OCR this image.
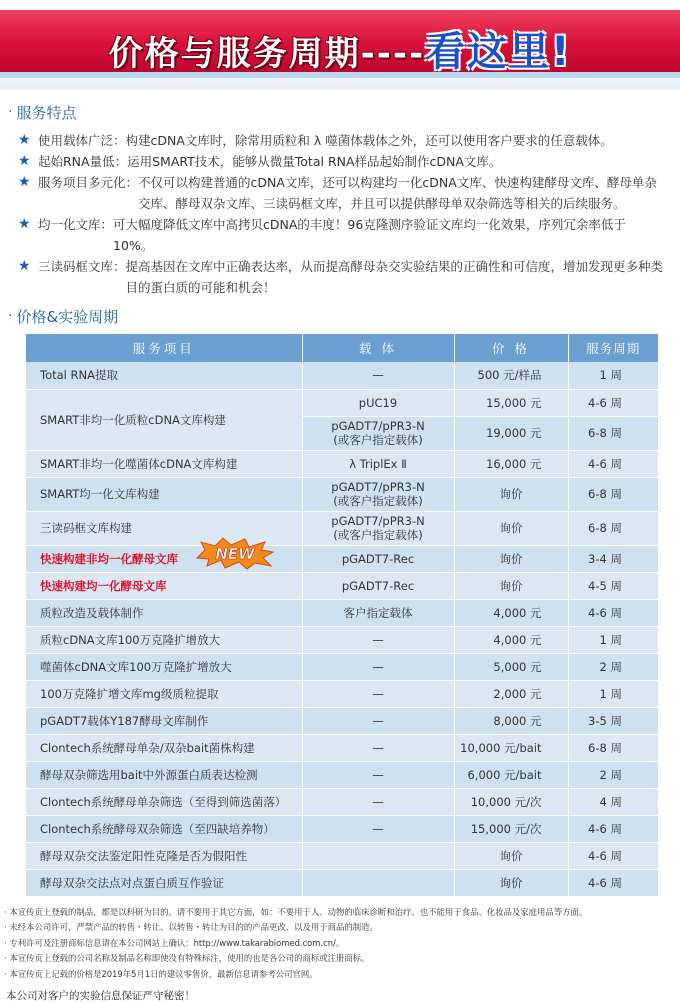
价格与服务周期----看这里!
· 服务特点
★ 使用载体广泛： 构建cDNA文库时，除常用质粒和 λ 噬菌体载体之外，还可以使用客户要求的任意载体。
★ 起始RNA量低： 运用SMART技术，能够从微量Total RNA样品起始制作cDNA文库。
★ 服务项目多元化： 不仅可以构建普通的cDNA文库，还可以构建均一化cDNA文库、快速构建酵母文库、酵母单杂交库、酵母双杂文库、三读码框文库，并且可以提供酵母单双杂筛选等相关的后续服务。
★ 均一化文库： 可大幅度降低文库中高拷贝cDNA的丰度！96克隆测序验证文库均一化效果，序列冗余率低于10%。
★ 三读码框文库： 提高基因在文库中正确表达率，从而提高酵母杂交实验结果的正确性和可信度，增加发现更多种类目的蛋白质的可能和机会！
· 价格&实验周期
服务项目	载 体	价 格	服务周期
Total RNA提取	—	500 元/样品	1 周
SMART非均一化质粒cDNA文库构建	pUC19	15,000 元	4-6 周
	pGADT7/pPR3-N
(或客户指定载体)	19,000 元	6-8 周
SMART非均一化噬菌体cDNA文库构建	λ TriplEx Ⅱ	16,000 元	4-6 周
SMART均一化文库构建	pGADT7/pPR3-N
(或客户指定载体)	询价	6-8 周
三读码框文库构建	pGADT7/pPR3-N
(或客户指定载体)	询价	6-8 周
快速构建非均一化酵母文库	pGADT7-Rec	询价	3-4 周
快速构建均一化酵母文库	pGADT7-Rec	询价	4-5 周
质粒改造及载体制作	客户指定载体	4,000 元	4-6 周
质粒cDNA文库100万克隆扩增放大	—	4,000 元	1 周
噬菌体cDNA文库100万克隆扩增放大	—	5,000 元	2 周
100万克隆扩增文库mg级质粒提取	—	2,000 元	1 周
pGADT7载体Y187酵母文库制作	—	8,000 元	3-5 周
Clontech系统酵母单杂/双杂bait菌株构建	—	10,000 元/bait	6-8 周
酵母双杂筛选用bait中外源蛋白质表达检测	—	6,000 元/bait	2 周
Clontech系统酵母单杂筛选（至得到筛选菌落）	—	10,000 元/次	4 周
Clontech系统酵母双杂筛选（至四缺培养物）	—	15,000 元/次	4-6 周
酵母双杂交法鉴定阳性克隆是否为假阳性		询价	4-6 周
酵母双杂交法点对点蛋白质互作验证		询价	4-6 周
NEW
· 本宣传页上登载的制品，都是以科研为目的。请不要用于其它方面，如：不要用于人、动物的临床诊断和治疗。也不能用于食品、化妆品及家庭用品等方面。
· 未经本公司许可，严禁产品的转售・转让、以转售・转让为目的的产品更改、以及用于商品的制造。
· 专利许可及注册商标信息请在本公司网站上确认：http://www.takarabiomed.com.cn/。
· 本宣传页上登载的公司名称及制品名称即使没有特殊标注，使用的也是各公司的商标或注册商标。
· 本宣传页上记载的价格是2019年5月1日的建议零售价，最新信息请参考公司官网。
本公司对客户的实验信息保证严守秘密！
